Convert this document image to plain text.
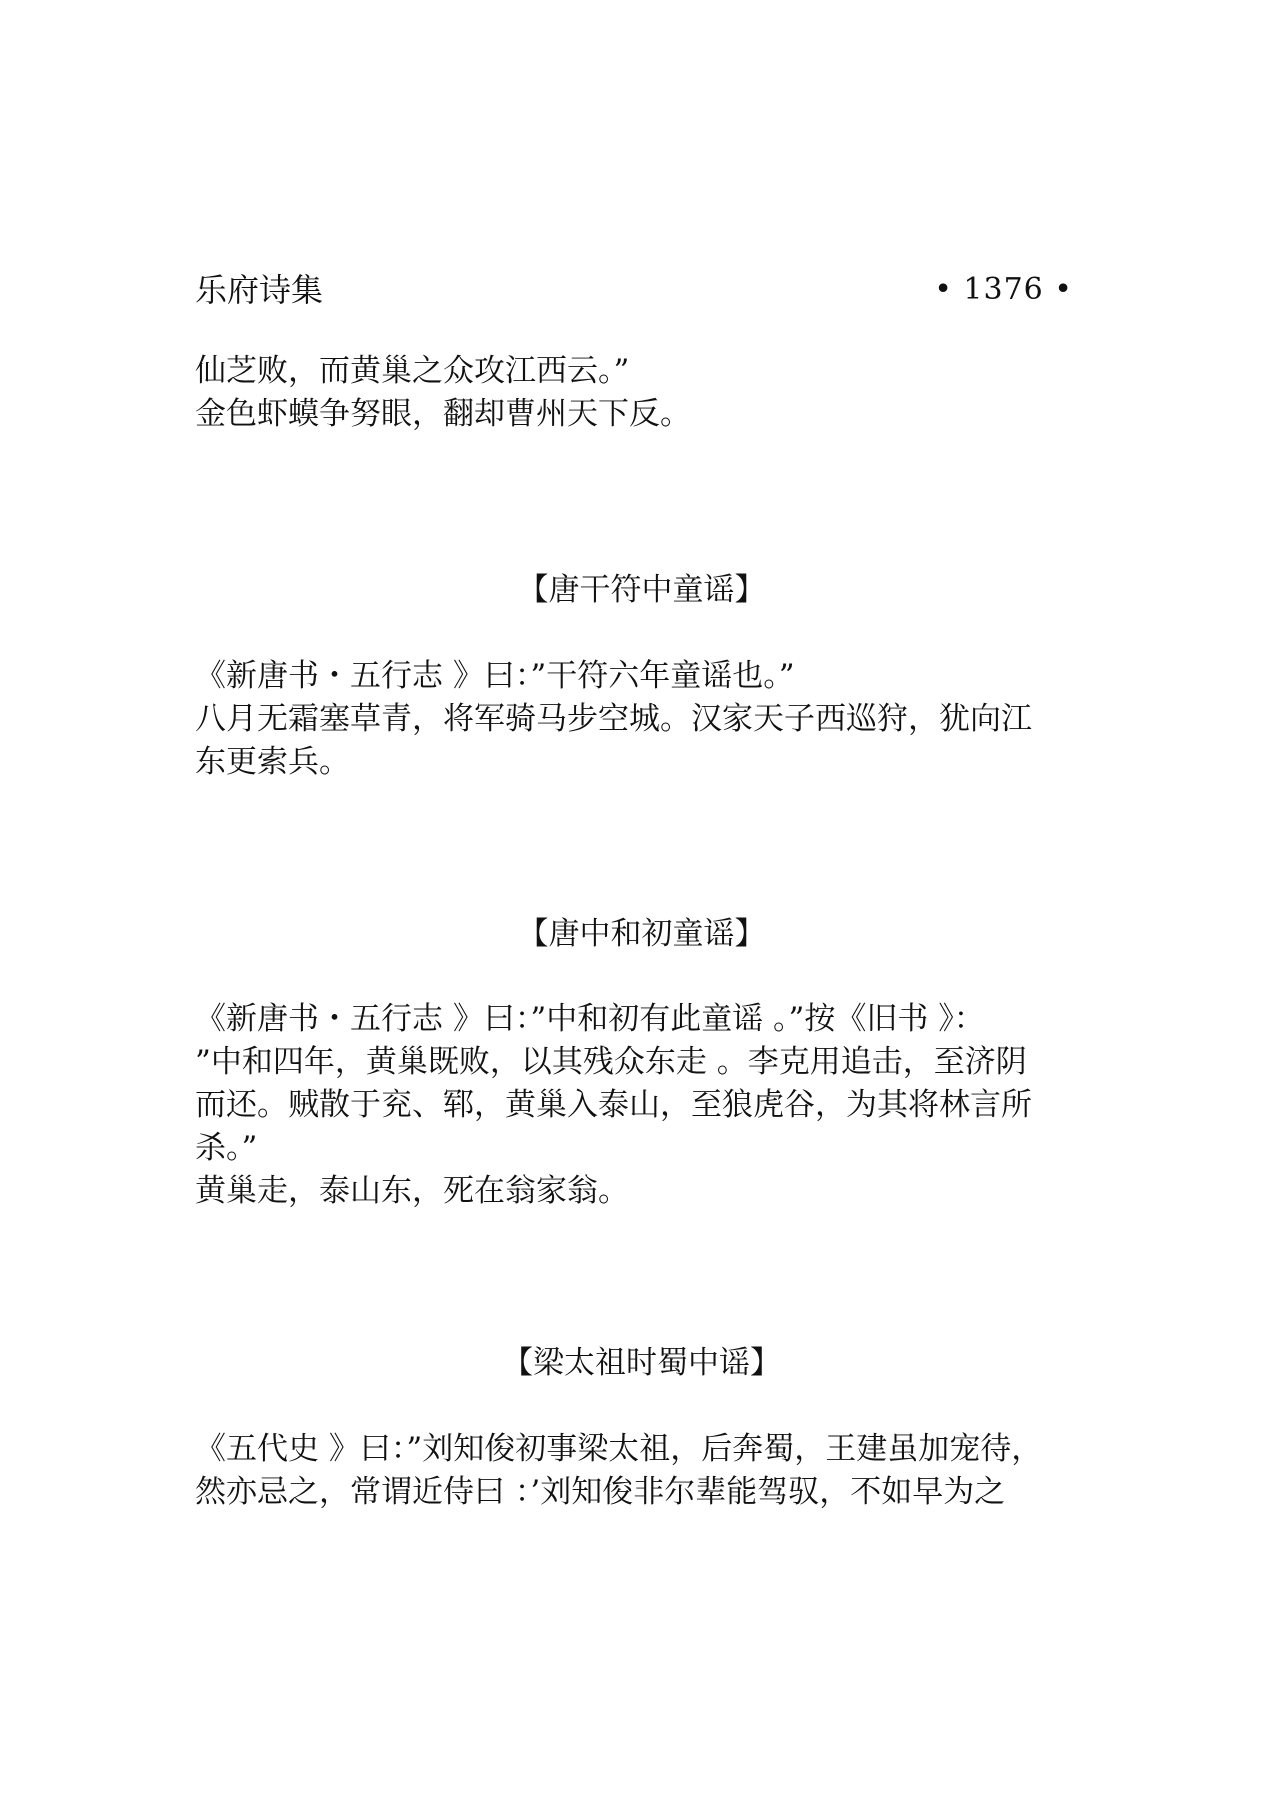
乐府诗集	• 1376 •

仙芝败，而黄巢之众攻江西云。”

金色虾蟆争努眼，翻却曹州天下反。

【唐干符中童谣】

《新唐书・五行志 》曰：”干符六年童谣也。”

八月无霜塞草青，将军骑马步空城。汉家天子西巡狩，犹向江

东更索兵。

【唐中和初童谣】

《新唐书・五行志 》曰：”中和初有此童谣 。”按《旧书 》：

”中和四年，黄巢既败，以其残众东走 。李克用追击，至济阴

而还。贼散于兖、郓，黄巢入泰山，至狼虎谷，为其将林言所

杀。”

黄巢走，泰山东，死在翁家翁。

【梁太祖时蜀中谣】

《五代史 》曰：”刘知俊初事梁太祖，后奔蜀，王建虽加宠待，

然亦忌之，常谓近侍曰 ：’刘知俊非尔辈能驾驭，不如早为之
